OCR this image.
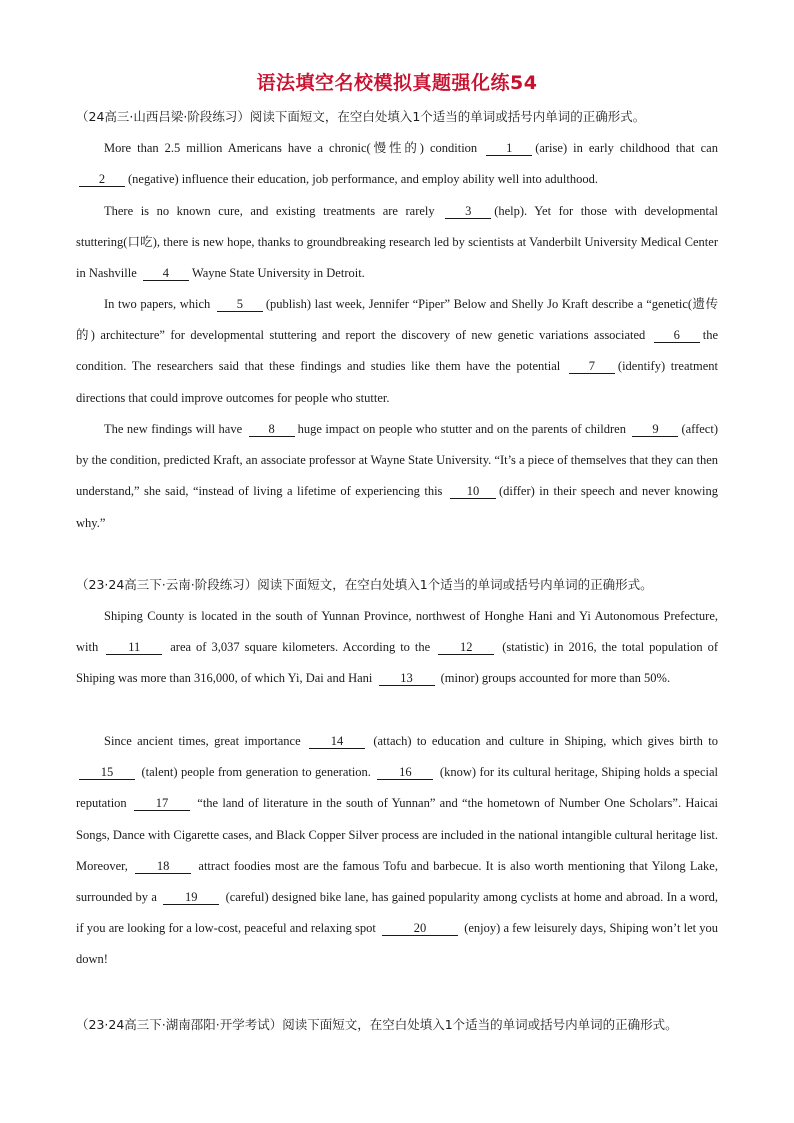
语法填空名校模拟真题强化练54
（24高三·山西吕梁·阶段练习）阅读下面短文，在空白处填入1个适当的单词或括号内单词的正确形式。
More than 2.5 million Americans have a chronic(慢性的) condition 1 (arise) in early childhood that can 2 (negative) influence their education, job performance, and employ ability well into adulthood.
There is no known cure, and existing treatments are rarely 3 (help). Yet for those with developmental stuttering(口吃), there is new hope, thanks to groundbreaking research led by scientists at Vanderbilt University Medical Center in Nashville 4 Wayne State University in Detroit.
In two papers, which 5 (publish) last week, Jennifer “Piper” Below and Shelly Jo Kraft describe a “genetic(遗传的) architecture” for developmental stuttering and report the discovery of new genetic variations associated 6 the condition. The researchers said that these findings and studies like them have the potential 7 (identify) treatment directions that could improve outcomes for people who stutter.
The new findings will have 8 huge impact on people who stutter and on the parents of children 9 (affect) by the condition, predicted Kraft, an associate professor at Wayne State University. “It’s a piece of themselves that they can then understand,” she said, “instead of living a lifetime of experiencing this 10 (differ) in their speech and never knowing why.”
（23·24高三下·云南·阶段练习）阅读下面短文，在空白处填入1个适当的单词或括号内单词的正确形式。
Shiping County is located in the south of Yunnan Province, northwest of Honghe Hani and Yi Autonomous Prefecture, with 11 area of 3,037 square kilometers. According to the 12 (statistic) in 2016, the total population of Shiping was more than 316,000, of which Yi, Dai and Hani 13 (minor) groups accounted for more than 50%.
Since ancient times, great importance 14 (attach) to education and culture in Shiping, which gives birth to 15 (talent) people from generation to generation. 16 (know) for its cultural heritage, Shiping holds a special reputation 17 “the land of literature in the south of Yunnan” and “the hometown of Number One Scholars”. Haicai Songs, Dance with Cigarette cases, and Black Copper Silver process are included in the national intangible cultural heritage list. Moreover, 18 attract foodies most are the famous Tofu and barbecue. It is also worth mentioning that Yilong Lake, surrounded by a 19 (careful) designed bike lane, has gained popularity among cyclists at home and abroad. In a word, if you are looking for a low-cost, peaceful and relaxing spot	20	(enjoy) a few leisurely days, Shiping won’t let you down!
（23·24高三下·湖南邵阳·开学考试）阅读下面短文，在空白处填入1个适当的单词或括号内单词的正确形式。
